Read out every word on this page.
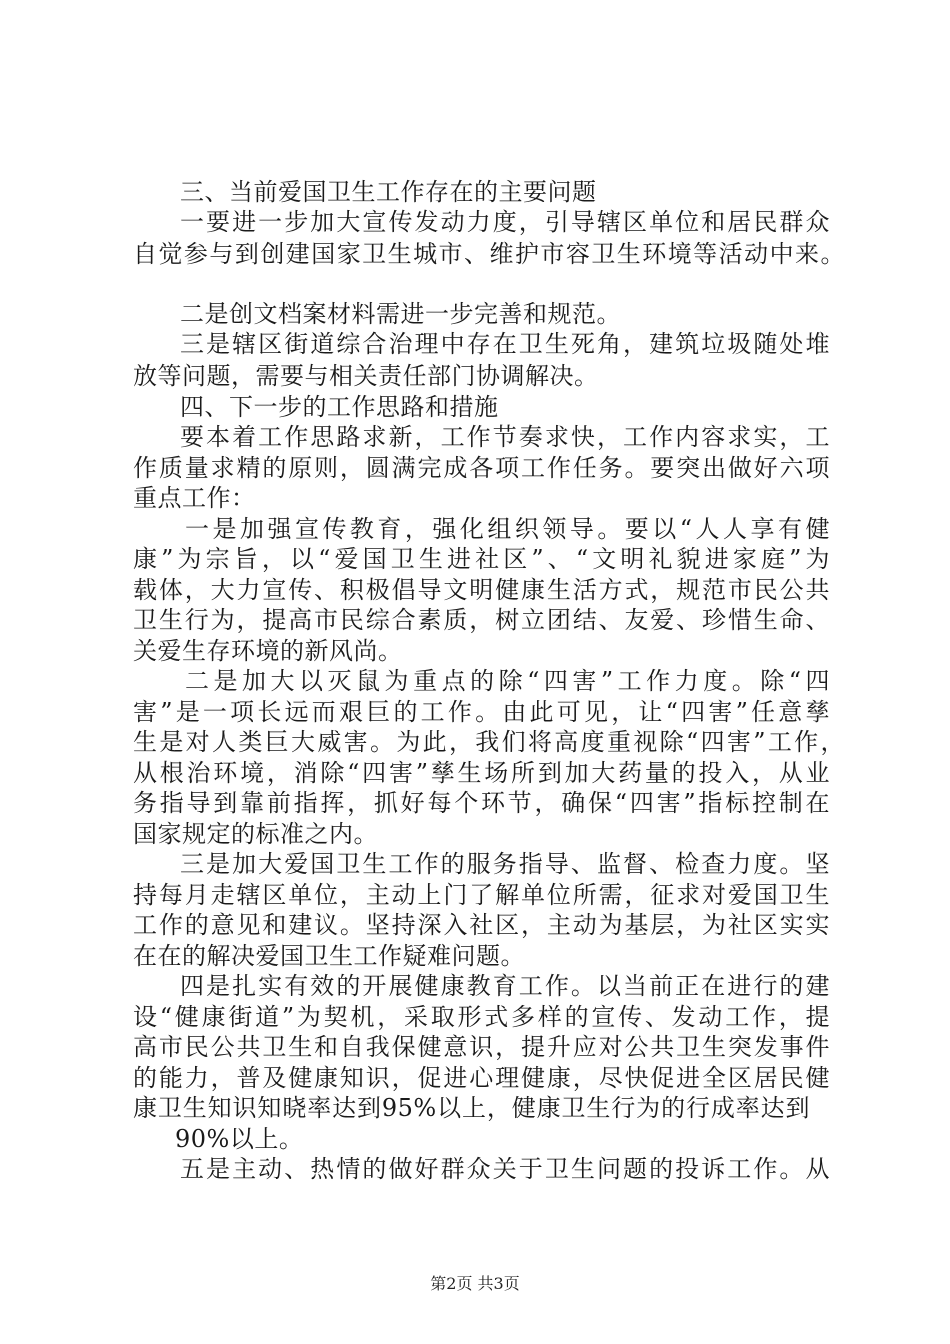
三、当前爱国卫生工作存在的主要问题
一要进一步加大宣传发动力度，引导辖区单位和居民群众
自觉参与到创建国家卫生城市、维护市容卫生环境等活动中来。
二是创文档案材料需进一步完善和规范。
三是辖区街道综合治理中存在卫生死角，建筑垃圾随处堆
放等问题，需要与相关责任部门协调解决。
四、下一步的工作思路和措施
要本着工作思路求新，工作节奏求快，工作内容求实，工
作质量求精的原则，圆满完成各项工作任务。要突出做好六项
重点工作：
一是加强宣传教育，强化组织领导。要以“人人享有健
康”为宗旨，以“爱国卫生进社区”、“文明礼貌进家庭”为
载体，大力宣传、积极倡导文明健康生活方式，规范市民公共
卫生行为，提高市民综合素质，树立团结、友爱、珍惜生命、
关爱生存环境的新风尚。
二是加大以灭鼠为重点的除“四害”工作力度。除“四
害”是一项长远而艰巨的工作。由此可见，让“四害”任意孳
生是对人类巨大威害。为此，我们将高度重视除“四害”工作，
从根治环境，消除“四害”孳生场所到加大药量的投入，从业
务指导到靠前指挥，抓好每个环节，确保“四害”指标控制在
国家规定的标准之内。
三是加大爱国卫生工作的服务指导、监督、检查力度。坚
持每月走辖区单位，主动上门了解单位所需，征求对爱国卫生
工作的意见和建议。坚持深入社区，主动为基层，为社区实实
在在的解决爱国卫生工作疑难问题。
四是扎实有效的开展健康教育工作。以当前正在进行的建
设“健康街道”为契机，采取形式多样的宣传、发动工作，提
高市民公共卫生和自我保健意识，提升应对公共卫生突发事件
的能力，普及健康知识，促进心理健康，尽快促进全区居民健
康卫生知识知晓率达到95%以上，健康卫生行为的行成率达到
90%以上。
五是主动、热情的做好群众关于卫生问题的投诉工作。从
第2页 共3页
